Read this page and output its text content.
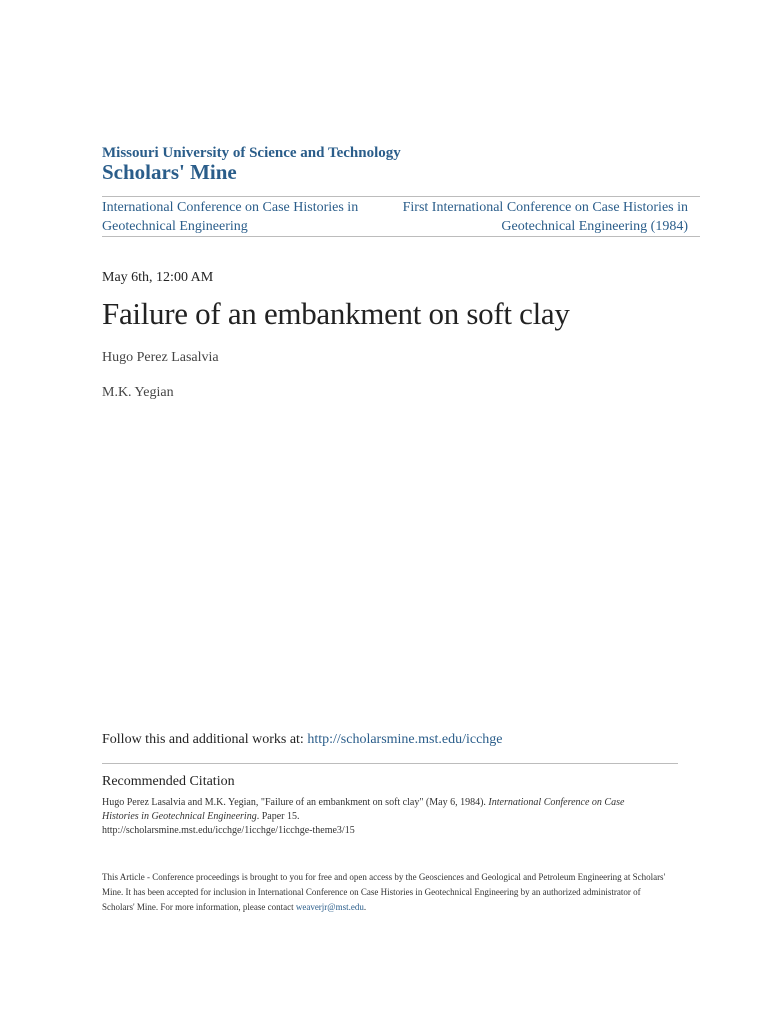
Missouri University of Science and Technology
Scholars' Mine
International Conference on Case Histories in Geotechnical Engineering
First International Conference on Case Histories in Geotechnical Engineering (1984)
May 6th, 12:00 AM
Failure of an embankment on soft clay
Hugo Perez Lasalvia
M.K. Yegian
Follow this and additional works at: http://scholarsmine.mst.edu/icchge
Recommended Citation
Hugo Perez Lasalvia and M.K. Yegian, "Failure of an embankment on soft clay" (May 6, 1984). International Conference on Case Histories in Geotechnical Engineering. Paper 15.
http://scholarsmine.mst.edu/icchge/1icchge/1icchge-theme3/15
This Article - Conference proceedings is brought to you for free and open access by the Geosciences and Geological and Petroleum Engineering at Scholars' Mine. It has been accepted for inclusion in International Conference on Case Histories in Geotechnical Engineering by an authorized administrator of Scholars' Mine. For more information, please contact weaverjr@mst.edu.
